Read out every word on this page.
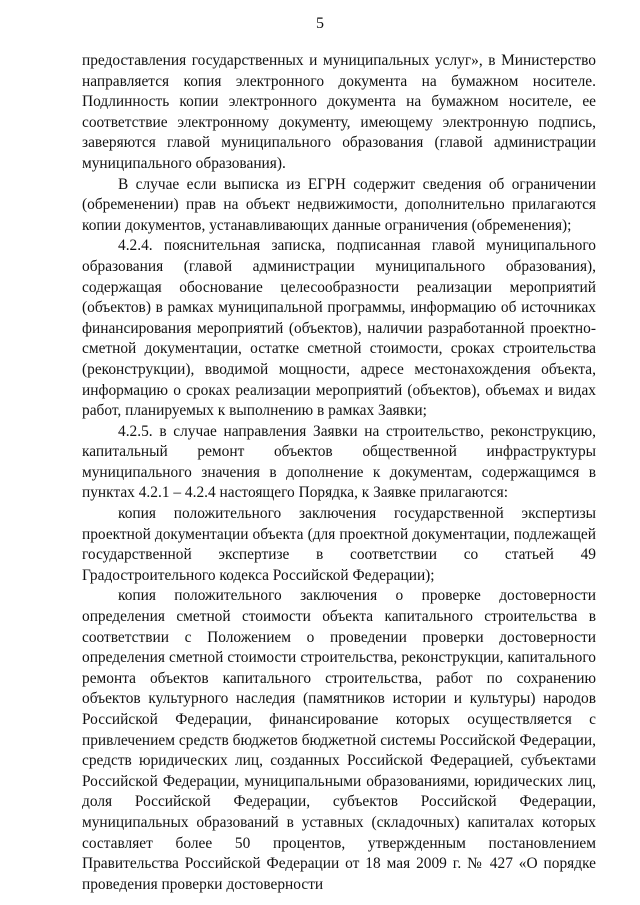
5

предоставления государственных и муниципальных услуг», в Министерство направляется копия электронного документа на бумажном носителе. Подлинность копии электронного документа на бумажном носителе, ее соответствие электронному документу, имеющему электронную подпись, заверяются главой муниципального образования (главой администрации муниципального образования).

В случае если выписка из ЕГРН содержит сведения об ограничении (обременении) прав на объект недвижимости, дополнительно прилагаются копии документов, устанавливающих данные ограничения (обременения);

4.2.4. пояснительная записка, подписанная главой муниципального образования (главой администрации муниципального образования), содержащая обоснование целесообразности реализации мероприятий (объектов) в рамках муниципальной программы, информацию об источниках финансирования мероприятий (объектов), наличии разработанной проектно-сметной документации, остатке сметной стоимости, сроках строительства (реконструкции), вводимой мощности, адресе местонахождения объекта, информацию о сроках реализации мероприятий (объектов), объемах и видах работ, планируемых к выполнению в рамках Заявки;

4.2.5. в случае направления Заявки на строительство, реконструкцию, капитальный ремонт объектов общественной инфраструктуры муниципального значения в дополнение к документам, содержащимся в пунктах 4.2.1 – 4.2.4 настоящего Порядка, к Заявке прилагаются:

копия положительного заключения государственной экспертизы проектной документации объекта (для проектной документации, подлежащей государственной экспертизе в соответствии со статьей 49 Градостроительного кодекса Российской Федерации);

копия положительного заключения о проверке достоверности определения сметной стоимости объекта капитального строительства в соответствии с Положением о проведении проверки достоверности определения сметной стоимости строительства, реконструкции, капитального ремонта объектов капитального строительства, работ по сохранению объектов культурного наследия (памятников истории и культуры) народов Российской Федерации, финансирование которых осуществляется с привлечением средств бюджетов бюджетной системы Российской Федерации, средств юридических лиц, созданных Российской Федерацией, субъектами Российской Федерации, муниципальными образованиями, юридических лиц, доля Российской Федерации, субъектов Российской Федерации, муниципальных образований в уставных (складочных) капиталах которых составляет более 50 процентов, утвержденным постановлением Правительства Российской Федерации от 18 мая 2009 г. № 427 «О порядке проведения проверки достоверности
